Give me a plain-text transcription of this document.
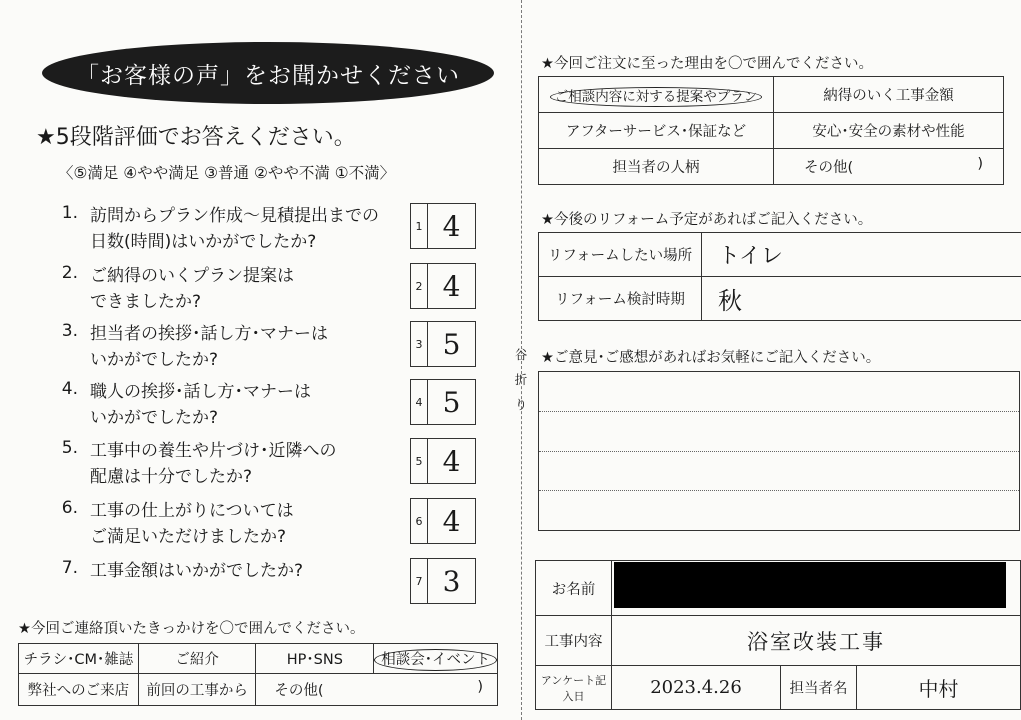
谷
折
り
「お客様の声」をお聞かせください
★5段階評価でお答えください。
〈⑤満足 ④やや満足 ③普通 ②やや不満 ①不満〉
1. 訪問からプラン作成～見積提出までの
日数(時間)はいかがでしたか?
1 4
2. ご納得のいくプラン提案は
できましたか?
2 4
3. 担当者の挨拶･話し方･マナーは
いかがでしたか?
3 5
4. 職人の挨拶･話し方･マナーは
いかがでしたか?
4 5
5. 工事中の養生や片づけ･近隣への
配慮は十分でしたか?
5 4
6. 工事の仕上がりについては
ご満足いただけましたか?
6 4
7. 工事金額はいかがでしたか?	7 3
★今回ご連絡頂いたきっかけを〇で囲んでください。
チラシ･CM･雑誌	ご紹介	HP･SNS	相談会･イベント
弊社へのご来店	前回の工事から	その他( )	
★今回ご注文に至った理由を〇で囲んでください。
ご相談内容に対する提案やプラン	納得のいく工事金額
アフターサービス･保証など	安心･安全の素材や性能
担当者の人柄	その他( )
★今後のリフォーム予定があればご記入ください。
リフォームしたい場所	トイレ
リフォーム検討時期	秋
★ご意見･ご感想があればお気軽にご記入ください。
お名前			
工事内容	浴室改装工事		
アンケート記入日	2023.4.26	担当者名	中村
